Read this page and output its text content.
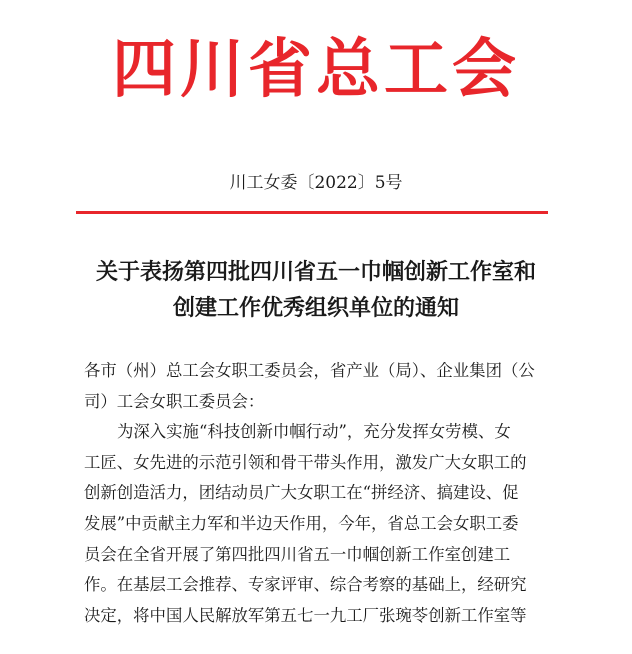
四川省总工会
川工女委〔2022〕5号
关于表扬第四批四川省五一巾帼创新工作室和
创建工作优秀组织单位的通知
各市（州）总工会女职工委员会，省产业（局）、企业集团（公
司）工会女职工委员会：
为深入实施“科技创新巾帼行动”，充分发挥女劳模、女
工匠、女先进的示范引领和骨干带头作用，激发广大女职工的
创新创造活力，团结动员广大女职工在“拼经济、搞建设、促
发展”中贡献主力军和半边天作用，今年，省总工会女职工委
员会在全省开展了第四批四川省五一巾帼创新工作室创建工
作。在基层工会推荐、专家评审、综合考察的基础上，经研究
决定，将中国人民解放军第五七一九工厂张琬苓创新工作室等
